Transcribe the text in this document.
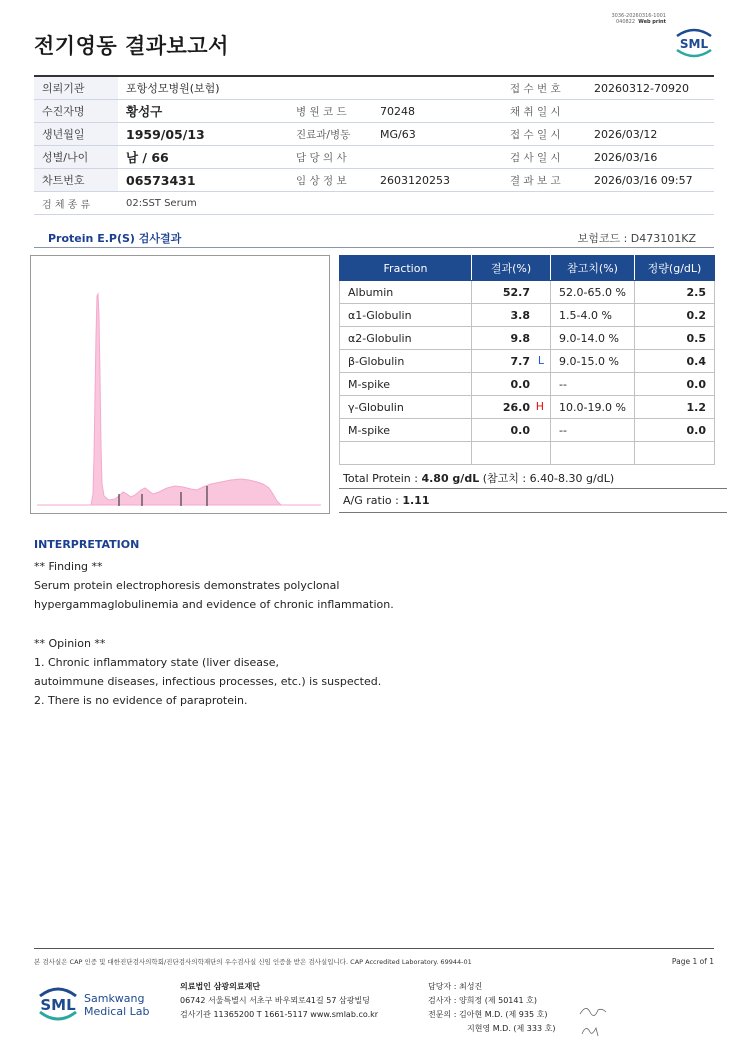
전기영동 결과보고서
3036-20260316-1001
040822 Web print
SML
의뢰기관	포항성모병원(보험)			접 수 번 호	20260312-70920
수진자명	황성구	병 원 코 드	70248	채 취 일 시	
생년월일	1959/05/13	진료과/병동	MG/63	접 수 일 시	2026/03/12
성별/나이	남 / 66	담 당 의 사		검 사 일 시	2026/03/16
차트번호	06573431	임 상 정 보	2603120253	결 과 보 고	2026/03/16 09:57
검 체 종 류	02:SST Serum				
Protein E.P(S) 검사결과	보험코드 : D473101KZ
Fraction	결과(%)	참고치(%)	정량(g/dL)
Albumin	52.7	52.0-65.0 %	2.5
α1-Globulin	3.8	1.5-4.0 %	0.2
α2-Globulin	9.8	9.0-14.0 %	0.5
β-Globulin	7.7 L	9.0-15.0 %	0.4
M-spike	0.0	--	0.0
γ-Globulin	26.0 H	10.0-19.0 %	1.2
M-spike	0.0	--	0.0

Total Protein : 4.80 g/dL (참고치 : 6.40-8.30 g/dL)
A/G ratio : 1.11
INTERPRETATION
** Finding **
Serum protein electrophoresis demonstrates polyclonal
hypergammaglobulinemia and evidence of chronic inflammation.

** Opinion **
1. Chronic inflammatory state (liver disease,
autoimmune diseases, infectious processes, etc.) is suspected.
2. There is no evidence of paraprotein.
본 검사실은 CAP 인증 및 대한진단검사의학회/진단검사의학재단의 우수검사실 신임 인증을 받은 검사실입니다. CAP Accredited Laboratory. 69944-01	Page 1 of 1
SML Samkwang
Medical Lab
의료법인 삼광의료재단
06742 서울특별시 서초구 바우뫼로41길 57 삼광빌딩
검사기관 11365200 T 1661-5117 www.smlab.co.kr
담당자 : 최성진
검사자 : 양희정 (제 50141 호)
전문의 : 김아현 M.D. (제 935 호)
지현영 M.D. (제 333 호)
